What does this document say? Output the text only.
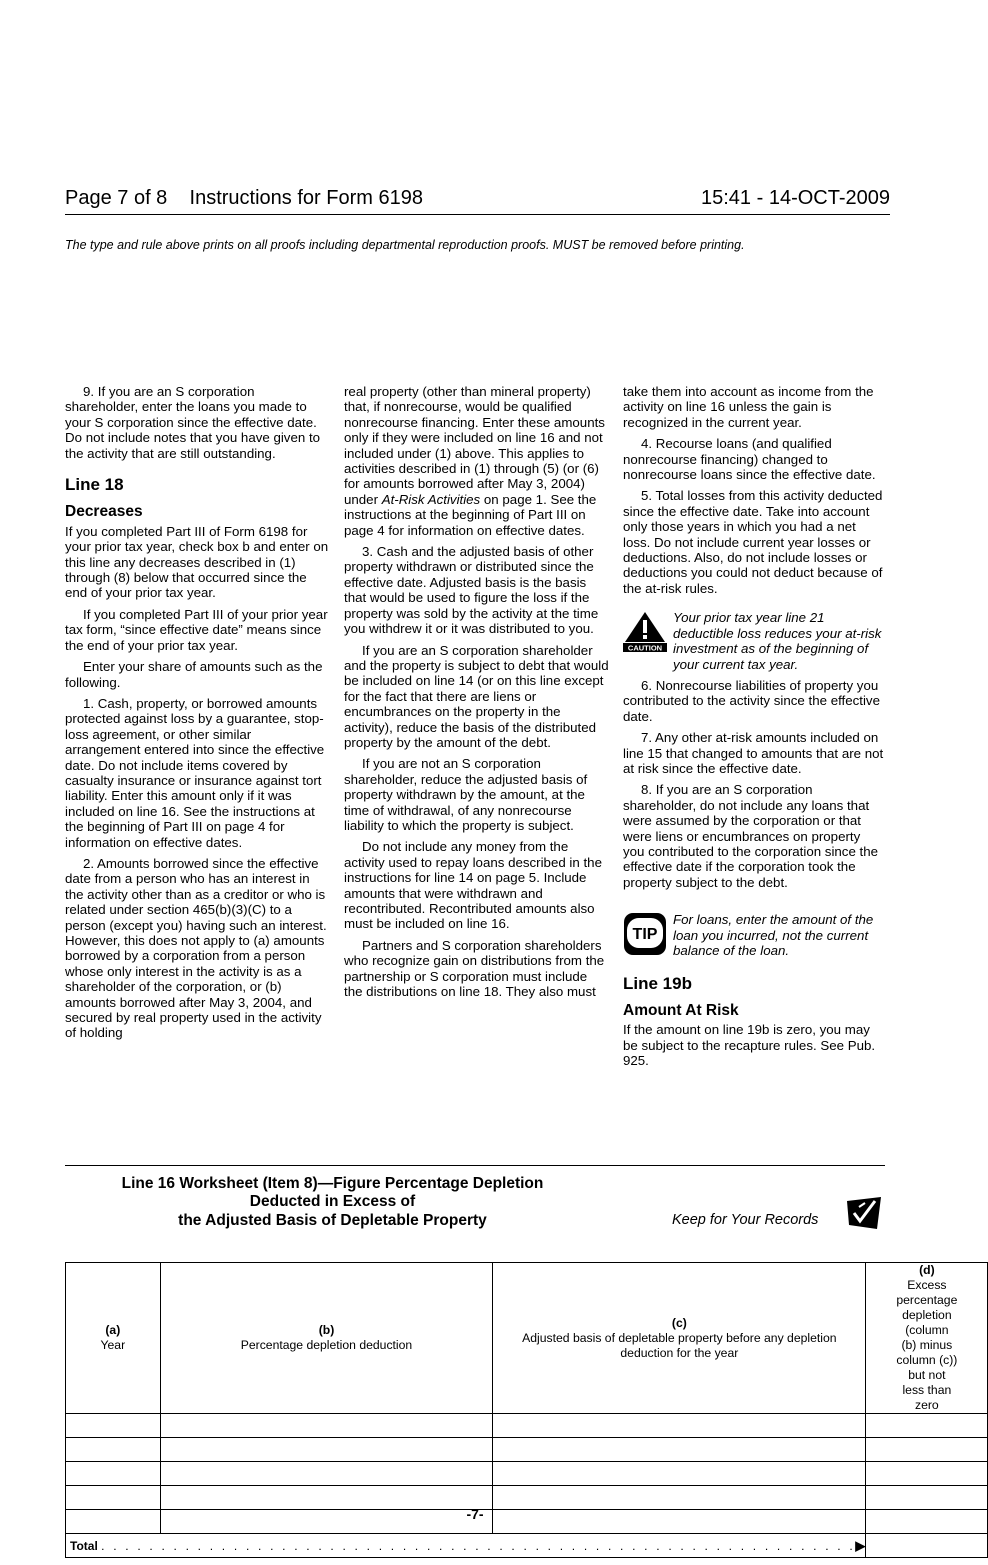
Page 7 of 8    Instructions for Form 6198	15:41 - 14-OCT-2009
The type and rule above prints on all proofs including departmental reproduction proofs. MUST be removed before printing.

9. If you are an S corporation shareholder, enter the loans you made to your S corporation since the effective date. Do not include notes that you have given to the activity that are still outstanding.

Line 18

Decreases

If you completed Part III of Form 6198 for your prior tax year, check box b and enter on this line any decreases described in (1) through (8) below that occurred since the end of your prior tax year.

If you completed Part III of your prior year tax form, “since effective date” means since the end of your prior tax year.

Enter your share of amounts such as the following.

1. Cash, property, or borrowed amounts protected against loss by a guarantee, stop-loss agreement, or other similar arrangement entered into since the effective date. Do not include items covered by casualty insurance or insurance against tort liability. Enter this amount only if it was included on line 16. See the instructions at the beginning of Part III on page 4 for information on effective dates.

2. Amounts borrowed since the effective date from a person who has an interest in the activity other than as a creditor or who is related under section 465(b)(3)(C) to a person (except you) having such an interest. However, this does not apply to (a) amounts borrowed by a corporation from a person whose only interest in the activity is as a shareholder of the corporation, or (b) amounts borrowed after May 3, 2004, and secured by real property used in the activity of holding

real property (other than mineral property) that, if nonrecourse, would be qualified nonrecourse financing. Enter these amounts only if they were included on line 16 and not included under (1) above. This applies to activities described in (1) through (5) (or (6) for amounts borrowed after May 3, 2004) under At-Risk Activities on page 1. See the instructions at the beginning of Part III on page 4 for information on effective dates.

3. Cash and the adjusted basis of other property withdrawn or distributed since the effective date. Adjusted basis is the basis that would be used to figure the loss if the property was sold by the activity at the time you withdrew it or it was distributed to you.

If you are an S corporation shareholder and the property is subject to debt that would be included on line 14 (or on this line except for the fact that there are liens or encumbrances on the property in the activity), reduce the basis of the distributed property by the amount of the debt.

If you are not an S corporation shareholder, reduce the adjusted basis of property withdrawn by the amount, at the time of withdrawal, of any nonrecourse liability to which the property is subject.

Do not include any money from the activity used to repay loans described in the instructions for line 14 on page 5. Include amounts that were withdrawn and recontributed. Recontributed amounts also must be included on line 16.

Partners and S corporation shareholders who recognize gain on distributions from the partnership or S corporation must include the distributions on line 18. They also must

take them into account as income from the activity on line 16 unless the gain is recognized in the current year.

4. Recourse loans (and qualified nonrecourse financing) changed to nonrecourse loans since the effective date.

5. Total losses from this activity deducted since the effective date. Take into account only those years in which you had a net loss. Do not include current year losses or deductions. Also, do not include losses or deductions you could not deduct because of the at-risk rules.

CAUTION
Your prior tax year line 21 deductible loss reduces your at-risk investment as of the beginning of your current tax year.

6. Nonrecourse liabilities of property you contributed to the activity since the effective date.

7. Any other at-risk amounts included on line 15 that changed to amounts that are not at risk since the effective date.

8. If you are an S corporation shareholder, do not include any loans that were assumed by the corporation or that were liens or encumbrances on property you contributed to the corporation since the effective date if the corporation took the property subject to the debt.

TIP
For loans, enter the amount of the loan you incurred, not the current balance of the loan.

Line 19b

Amount At Risk

If the amount on line 19b is zero, you may be subject to the recapture rules. See Pub. 925.

Line 16 Worksheet (Item 8)—Figure Percentage Depletion
Deducted in Excess of
the Adjusted Basis of Depletable Property	Keep for Your Records
(a)
Year	(b)
Percentage depletion deduction	(c)
Adjusted basis of depletable property before any depletion deduction for the year	(d)
Excess percentage depletion (column (b) minus column (c)) but not less than zero

Total . . . . . . . . . . . . . . . . . . . . . . . . . . . . . . . . . . . . . . . . . . . . . . . . . . . . . . . . . . . . . . .▶			
-7-
